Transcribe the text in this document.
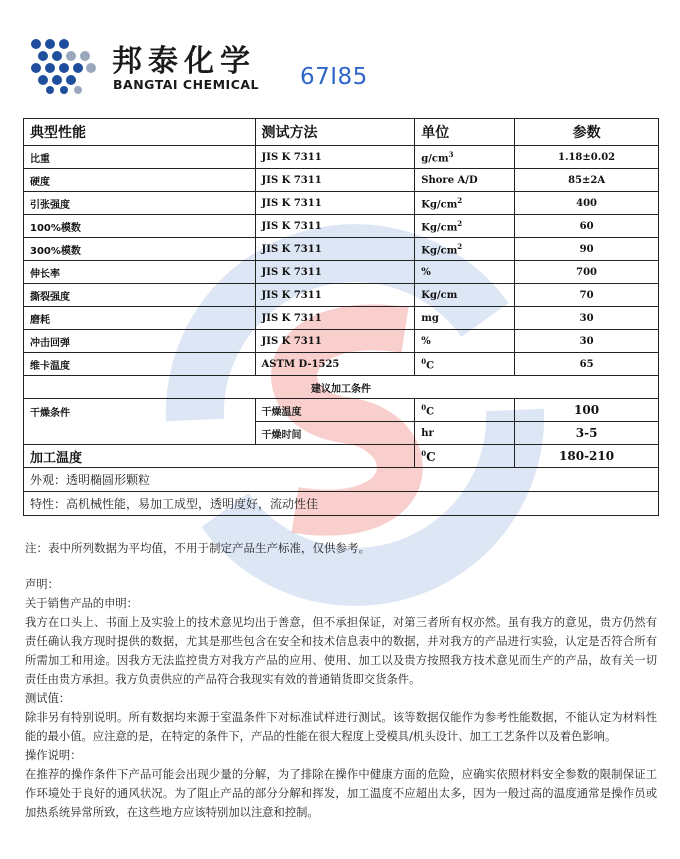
邦泰化学
BANGTAI CHEMICAL 67I85
典型性能	测试方法	单位	参数
比重	JIS K 7311	$g/cm^3$	1.18±0.02
硬度	JIS K 7311	Shore A/D	85±2A
引张强度	JIS K 7311	$Kg/cm^2$	400
100%模数	JIS K 7311	$Kg/cm^2$	60
300%模数	JIS K 7311	$Kg/cm^2$	90
伸长率	JIS K 7311	%	700
撕裂强度	JIS K 7311	Kg/cm	70
磨耗	JIS K 7311	mg	30
冲击回弹	JIS K 7311	%	30
维卡温度	ASTM D-1525	$^0$C	65
建议加工条件			
干燥条件	干燥温度	$^0$C	100
	干燥时间	hr	3-5
加工温度		$^0$C	180-210
外观：透明椭圆形颗粒			
特性：高机械性能，易加工成型，透明度好，流动性佳			
注：表中所列数据为平均值，不用于制定产品生产标准，仅供参考。

声明：

关于销售产品的申明：

我方在口头上、书面上及实验上的技术意见均出于善意，但不承担保证，对第三者所有权亦然。虽有我方的意见，贵方仍然有责任确认我方现时提供的数据，尤其是那些包含在安全和技术信息表中的数据，并对我方的产品进行实验，认定是否符合所有所需加工和用途。因我方无法监控贵方对我方产品的应用、使用、加工以及贵方按照我方技术意见而生产的产品，故有关一切责任由贵方承担。我方负责供应的产品符合我现实有效的普通销货即交货条件。

测试值：

除非另有特别说明。所有数据均来源于室温条件下对标准试样进行测试。该等数据仅能作为参考性能数据，不能认定为材料性能的最小值。应注意的是，在特定的条件下，产品的性能在很大程度上受模具/机头设计、加工工艺条件以及着色影响。

操作说明：

在推荐的操作条件下产品可能会出现少量的分解，为了排除在操作中健康方面的危险，应确实依照材料安全参数的限制保证工作环境处于良好的通风状况。为了阻止产品的部分分解和挥发，加工温度不应超出太多，因为一般过高的温度通常是操作员或加热系统异常所致，在这些地方应该特别加以注意和控制。
